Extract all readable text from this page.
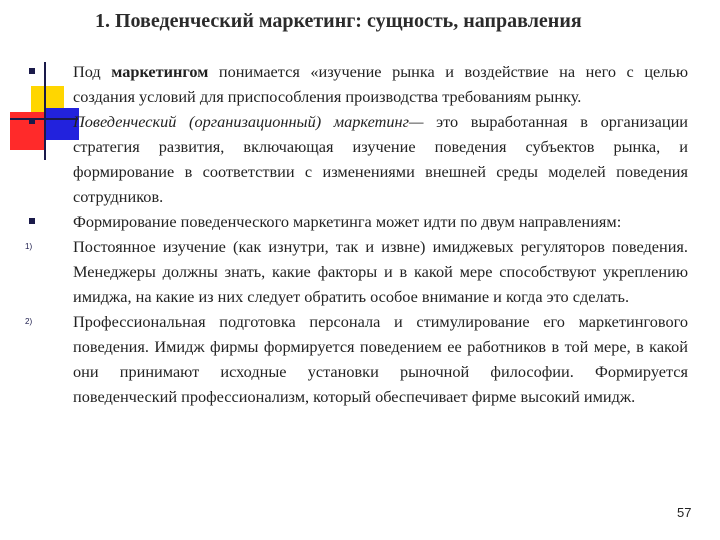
1. Поведенческий маркетинг: сущность, направления
Под маркетингом понимается «изучение рынка и воздействие на него с целью создания условий для приспособления производства требованиям рынку.
Поведенческий (организационный) маркетинг— это выработанная в организации стратегия развития, включающая изучение поведения субъектов рынка, и формирование в соответствии с изменениями внешней среды моделей поведения сотрудников.
Формирование поведенческого маркетинга может идти по двум направлениям:
1)	Постоянное изучение (как изнутри, так и извне) имиджевых регуляторов поведения. Менеджеры должны знать, какие факторы и в какой мере способствуют укреплению имиджа, на какие из них следует обратить особое внимание и когда это сделать.
2)	Профессиональная подготовка персонала и стимулирование его маркетингового поведения. Имидж фирмы формируется поведением ее работников в той мере, в какой они принимают исходные установки рыночной философии. Формируется поведенческий профессионализм, который обеспечивает фирме высокий имидж.
57
